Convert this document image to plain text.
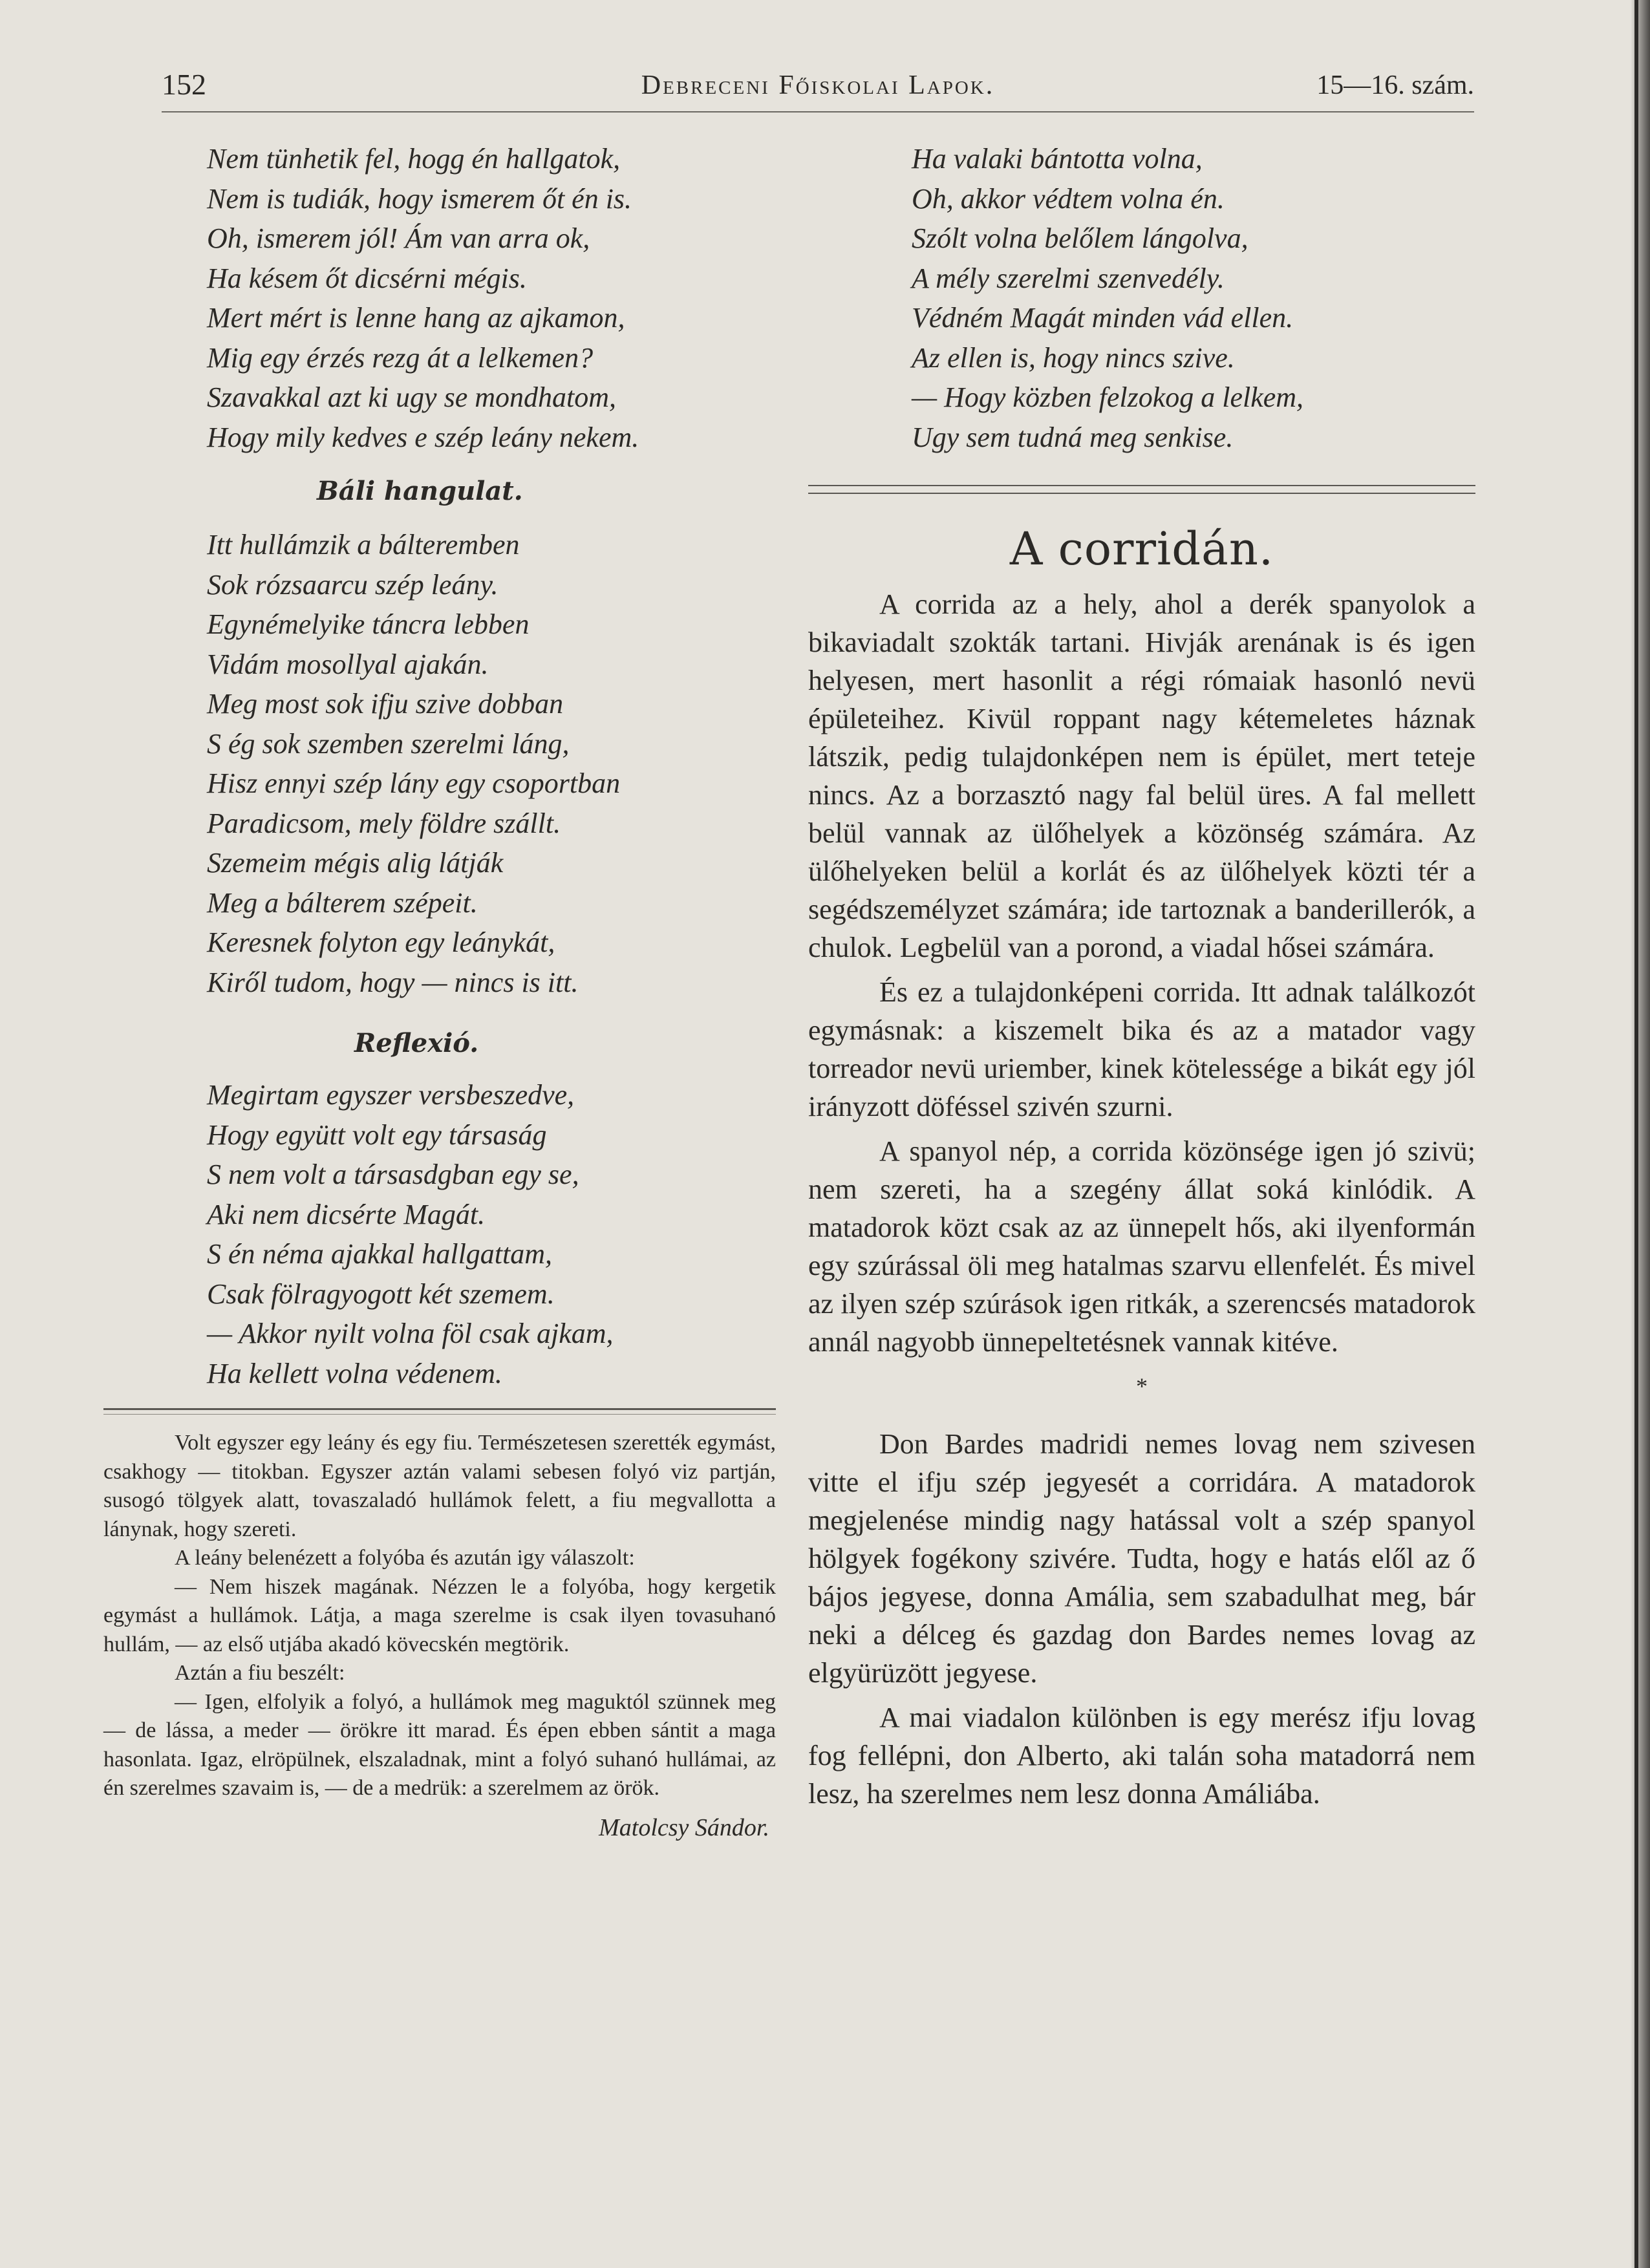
152	Debreceni Főiskolai Lapok.	15—16. szám.
Nem tünhetik fel, hogg én hallgatok,
Nem is tudiák, hogy ismerem őt én is.
Oh, ismerem jól! Ám van arra ok,
Ha késem őt dicsérni mégis.
Mert mért is lenne hang az ajkamon,
Mig egy érzés rezg át a lelkemen?
Szavakkal azt ki ugy se mondhatom,
Hogy mily kedves e szép leány nekem.
Báli hangulat.
Itt hullámzik a bálteremben
Sok rózsaarcu szép leány.
Egynémelyike táncra lebben
Vidám mosollyal ajakán.
Meg most sok ifju szive dobban
S ég sok szemben szerelmi láng,
Hisz ennyi szép lány egy csoportban
Paradicsom, mely földre szállt.
Szemeim mégis alig látják
Meg a bálterem szépeit.
Keresnek folyton egy leánykát,
Kiről tudom, hogy — nincs is itt.
Reflexió.
Megirtam egyszer versbeszedve,
Hogy együtt volt egy társaság
S nem volt a társasdgban egy se,
Aki nem dicsérte Magát.
S én néma ajakkal hallgattam,
Csak fölragyogott két szemem.
— Akkor nyilt volna föl csak ajkam,
Ha kellett volna védenem.

Volt egyszer egy leány és egy fiu. Természetesen szerették egymást, csakhogy — titokban. Egyszer aztán valami sebesen folyó viz partján, susogó tölgyek alatt, tovaszaladó hullámok felett, a fiu megvallotta a lánynak, hogy szereti.

A leány belenézett a folyóba és azután igy válaszolt:

— Nem hiszek magának. Nézzen le a folyóba, hogy kergetik egymást a hullámok. Látja, a maga szerelme is csak ilyen tovasuhanó hullám, — az első utjába akadó kövecskén megtörik.

Aztán a fiu beszélt:

— Igen, elfolyik a folyó, a hullámok meg maguktól szünnek meg — de lássa, a meder — örökre itt marad. És épen ebben sántit a maga hasonlata. Igaz, elröpülnek, elszaladnak, mint a folyó suhanó hullámai, az én szerelmes szavaim is, — de a medrük: a szerelmem az örök.

Matolcsy Sándor.

Ha valaki bántotta volna,
Oh, akkor védtem volna én.
Szólt volna belőlem lángolva,
A mély szerelmi szenvedély.
Védném Magát minden vád ellen.
Az ellen is, hogy nincs szive.
— Hogy közben felzokog a lelkem,
Ugy sem tudná meg senkise.
A corridán.

A corrida az a hely, ahol a derék spanyolok a bikaviadalt szokták tartani. Hivják arenának is és igen helyesen, mert hasonlit a régi rómaiak hasonló nevü épületeihez. Kivül roppant nagy kétemeletes háznak látszik, pedig tulajdonképen nem is épület, mert teteje nincs. Az a borzasztó nagy fal belül üres. A fal mellett belül vannak az ülőhelyek a közönség számára. Az ülőhelyeken belül a korlát és az ülőhelyek közti tér a segédszemélyzet számára; ide tartoznak a banderillerók, a chulok. Legbelül van a porond, a viadal hősei számára.

És ez a tulajdonképeni corrida. Itt adnak találkozót egymásnak: a kiszemelt bika és az a matador vagy torreador nevü uriember, kinek kötelessége a bikát egy jól irányzott döféssel szivén szurni.

A spanyol nép, a corrida közönsége igen jó szivü; nem szereti, ha a szegény állat soká kinlódik. A matadorok közt csak az az ünnepelt hős, aki ilyenformán egy szúrással öli meg hatalmas szarvu ellenfelét. És mivel az ilyen szép szúrások igen ritkák, a szerencsés matadorok annál nagyobb ünnepeltetésnek vannak kitéve.

*

Don Bardes madridi nemes lovag nem szivesen vitte el ifju szép jegyesét a corridára. A matadorok megjelenése mindig nagy hatással volt a szép spanyol hölgyek fogékony szivére. Tudta, hogy e hatás elől az ő bájos jegyese, donna Amália, sem szabadulhat meg, bár neki a délceg és gazdag don Bardes nemes lovag az elgyürüzött jegyese.

A mai viadalon különben is egy merész ifju lovag fog fellépni, don Alberto, aki talán soha matadorrá nem lesz, ha szerelmes nem lesz donna Amáliába.
